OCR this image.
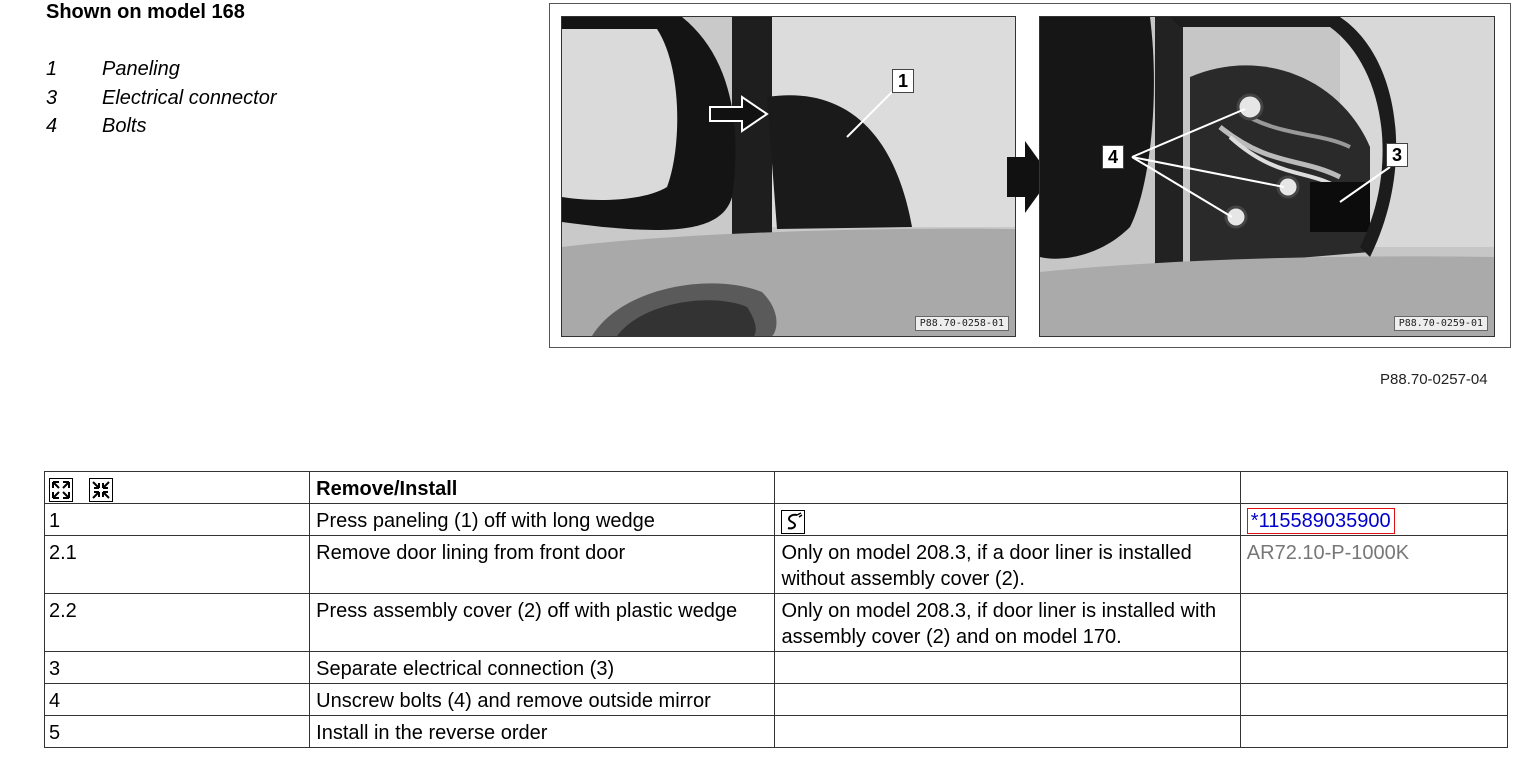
Shown on model 168
1	Paneling
3	Electrical connector
4	Bolts
1
P88.70-0258-01
4	3
P88.70-0259-01
P88.70-0257-04
	Remove/Install		
1	Press paneling (1) off with long wedge		*115589035900
2.1	Remove door lining from front door	Only on model 208.3, if a door liner is installed without assembly cover (2).	AR72.10-P-1000K
2.2	Press assembly cover (2) off with plastic wedge	Only on model 208.3, if door liner is installed with assembly cover (2) and on model 170.	
3	Separate electrical connection (3)		
4	Unscrew bolts (4) and remove outside mirror		
5	Install in the reverse order		
